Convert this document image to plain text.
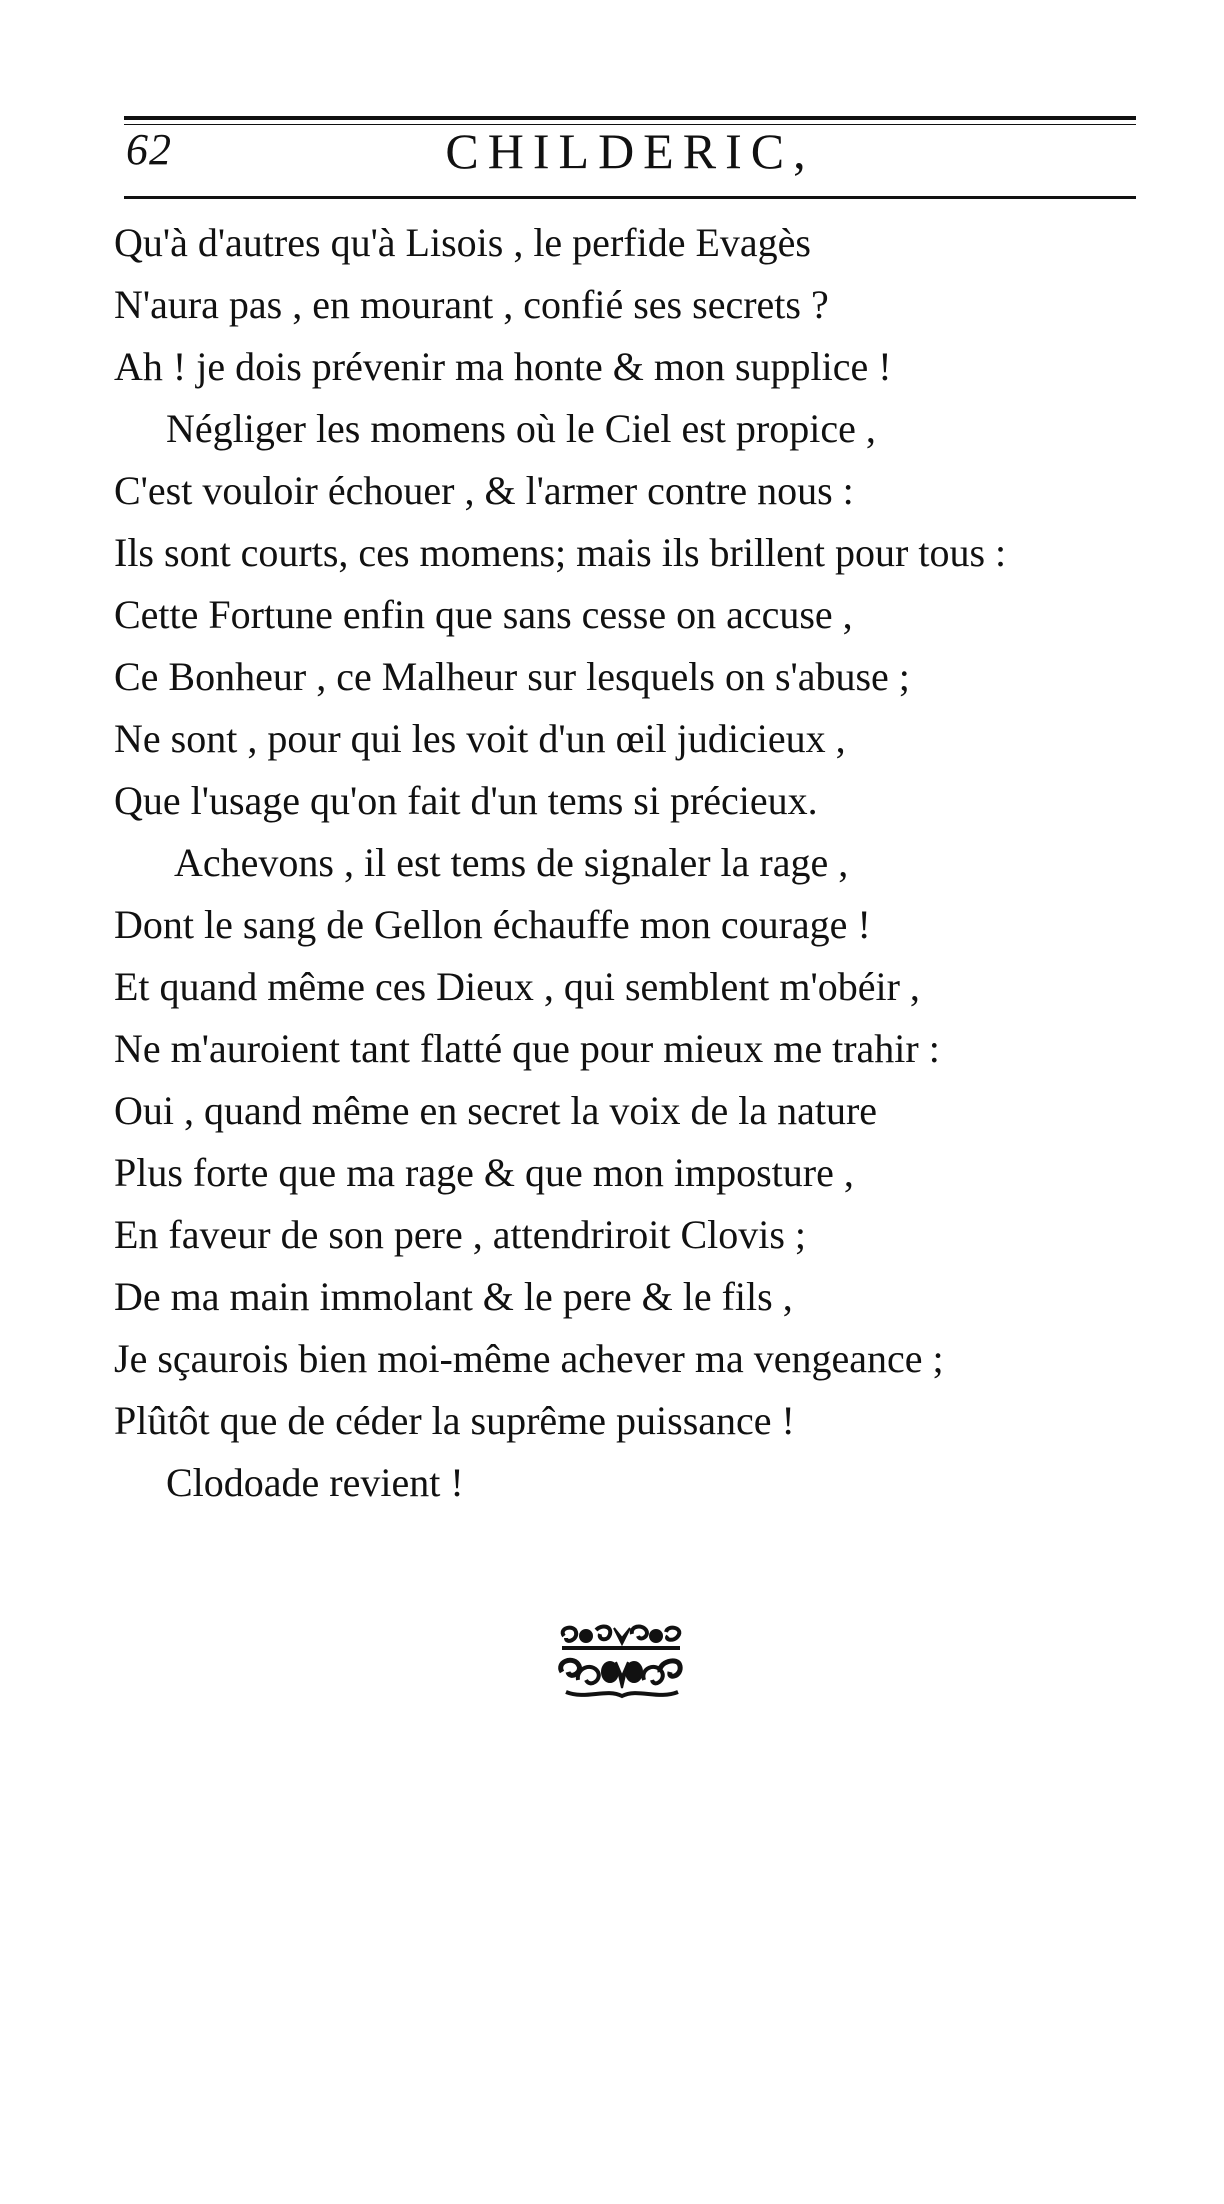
62	CHILDERIC,
Qu'à d'autres qu'à Lisois , le perfide Evagès
N'aura pas , en mourant , confié ses secrets ?
Ah ! je dois prévenir ma honte & mon supplice !
Négliger les momens où le Ciel est propice ,
C'est vouloir échouer , & l'armer contre nous :
Ils sont courts, ces momens; mais ils brillent pour tous :
Cette Fortune enfin que sans cesse on accuse ,
Ce Bonheur , ce Malheur sur lesquels on s'abuse ;
Ne sont , pour qui les voit d'un œil judicieux ,
Que l'usage qu'on fait d'un tems si précieux.
Achevons , il est tems de signaler la rage ,
Dont le sang de Gellon échauffe mon courage !
Et quand même ces Dieux , qui semblent m'obéir ,
Ne m'auroient tant flatté que pour mieux me trahir :
Oui , quand même en secret la voix de la nature
Plus forte que ma rage & que mon imposture ,
En faveur de son pere , attendriroit Clovis ;
De ma main immolant & le pere & le fils ,
Je sçaurois bien moi-même achever ma vengeance ;
Plûtôt que de céder la suprême puissance !
Clodoade revient !
